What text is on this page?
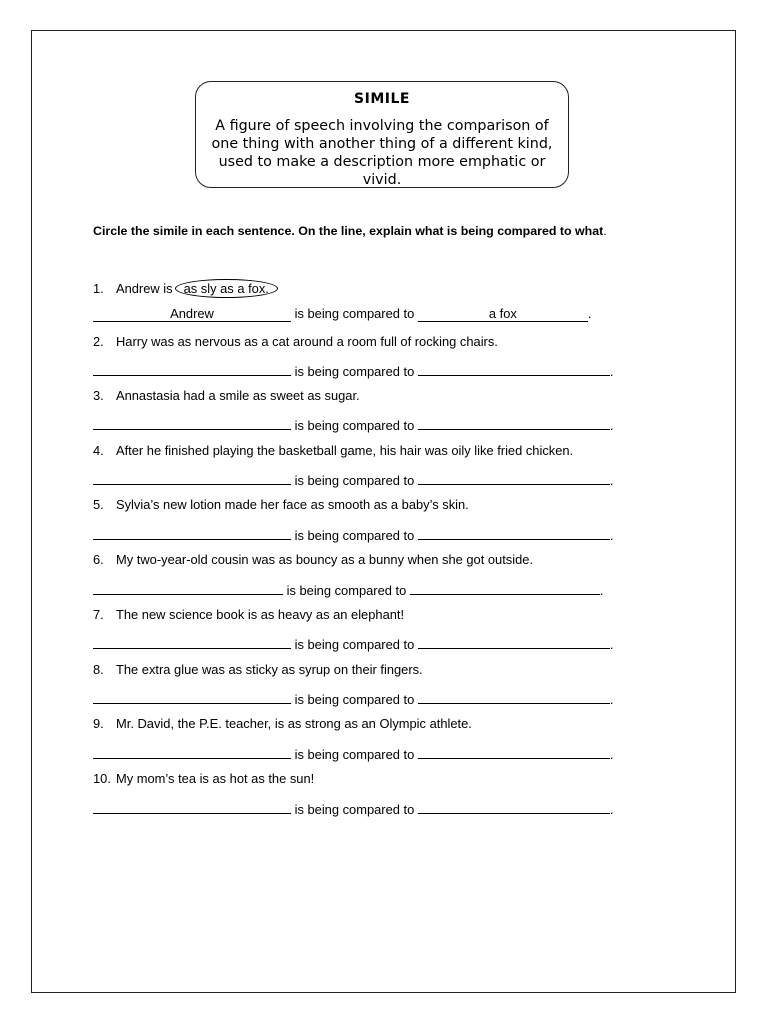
SIMILE
A figure of speech involving the comparison of one thing with another thing of a different kind, used to make a description more emphatic or vivid.
Circle the simile in each sentence. On the line, explain what is being compared to what.
1. Andrew is as sly as a fox.
Andrew	is being compared to	a fox	.
2. Harry was as nervous as a cat around a room full of rocking chairs.
is being compared to	.
3. Annastasia had a smile as sweet as sugar.
is being compared to	.
4. After he finished playing the basketball game, his hair was oily like fried chicken.
is being compared to	.
5. Sylvia’s new lotion made her face as smooth as a baby’s skin.
is being compared to	.
6. My two-year-old cousin was as bouncy as a bunny when she got outside.
is being compared to	.
7. The new science book is as heavy as an elephant!
is being compared to	.
8. The extra glue was as sticky as syrup on their fingers.
is being compared to	.
9. Mr. David, the P.E. teacher, is as strong as an Olympic athlete.
is being compared to	.
10. My mom’s tea is as hot as the sun!
is being compared to	.
